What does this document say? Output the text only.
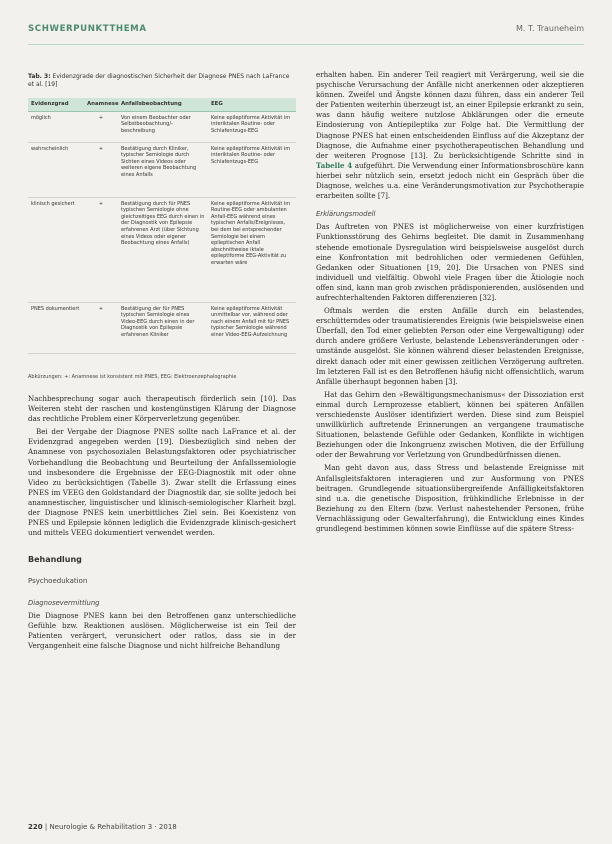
SCHWERPUNKTTHEMA	M. T. Trauneheim
Tab. 3: Evidenzgrade der diagnostischen Sicherheit der Diagnose PNES nach LaFrance et al. [19]
Evidenzgrad	Anamnese	Anfallsbeobachtung	EEG
möglich	+	Von einem Beobachter oder Selbstbeobachtung/-beschreibung	Keine epileptiforme Aktivität im interiktalen Routine- oder Schlafentzugs-EEG
wahrscheinlich	+	Bestätigung durch Kliniker, typischer Semiologie durch Sichten eines Videos oder weiteren eigene Beobachtung eines Anfalls	Keine epileptiforme Aktivität im interiktalen Routine- oder Schlafentzugs-EEG
klinisch gesichert	+	Bestätigung durch für PNES typischen Semiologie ohne gleichzeitiges EEG durch einen in der Diagnostik von Epilepsie erfahrenen Arzt (über Sichtung eines Videos oder eigener Beobachtung eines Anfalls)	Keine epileptiforme Aktivität im Routine-EEG oder ambulanten Anfall-EEG während eines typischen Anfalls/Ereignisses, bei dem bei entsprechender Semiologie bei einem epileptischen Anfall abschnittweise iktale epileptiforme EEG-Aktivität zu erwarten wäre
PNES dokumentiert	+	Bestätigung der für PNES typischen Semiologie eines Video-EEG durch einen in der Diagnostik von Epilepsie erfahrenen Kliniker	Keine epileptiforme Aktivität unmittelbar vor, während oder nach einem Anfall mit für PNES typischer Semiologie während einer Video-EEG-Aufzeichnung
Abkürzungen: +: Anamnese ist konsistent mit PNES, EEG: Elektroenzephalographie

Nachbesprechung sogar auch therapeutisch förderlich sein [10]. Das Weiteren steht der raschen und kostengünstigen Klärung der Diagnose das rechtliche Problem einer Körperverletzung gegenüber.

Bei der Vergabe der Diagnose PNES sollte nach LaFrance et al. der Evidenzgrad angegeben werden [19]. Diesbezüglich sind neben der Anamnese von psychosozialen Belastungsfaktoren oder psychiatrischer Vorbehandlung die Beobachtung und Beurteilung der Anfallssemiologie und insbesondere die Ergebnisse der EEG-Diagnostik mit oder ohne Video zu berücksichtigen (Tabelle 3). Zwar stellt die Erfassung eines PNES im VEEG den Goldstandard der Diagnostik dar, sie sollte jedoch bei anamnestischer, linguistischer und klinisch-semiologischer Klarheit bzgl. der Diagnose PNES kein unerbittliches Ziel sein. Bei Koexistenz von PNES und Epilepsie können lediglich die Evidenzgrade klinisch-gesichert und mittels VEEG dokumentiert verwendet werden.

Behandlung

Psychoedukation

Diagnosevermittlung

Die Diagnose PNES kann bei den Betroffenen ganz unterschiedliche Gefühle bzw. Reaktionen auslösen. Möglicherweise ist ein Teil der Patienten verärgert, verunsichert oder ratlos, dass sie in der Vergangenheit eine falsche Diagnose und nicht hilfreiche Behandlung

erhalten haben. Ein anderer Teil reagiert mit Verärgerung, weil sie die psychische Verursachung der Anfälle nicht anerkennen oder akzeptieren können. Zweifel und Ängste können dazu führen, dass ein anderer Teil der Patienten weiterhin überzeugt ist, an einer Epilepsie erkrankt zu sein, was dann häufig weitere nutzlose Abklärungen oder die erneute Eindosierung von Antiepileptika zur Folge hat. Die Vermittlung der Diagnose PNES hat einen entscheidenden Einfluss auf die Akzeptanz der Diagnose, die Aufnahme einer psychotherapeutischen Behandlung und der weiteren Prognose [13]. Zu berücksichtigende Schritte sind in Tabelle 4 aufgeführt. Die Verwendung einer Informationsbroschüre kann hierbei sehr nützlich sein, ersetzt jedoch nicht ein Gespräch über die Diagnose, welches u.a. eine Veränderungsmotivation zur Psychotherapie erarbeiten sollte [7].

Erklärungsmodell

Das Auftreten von PNES ist möglicherweise von einer kurzfristigen Funktionsstörung des Gehirns begleitet. Die damit in Zusammenhang stehende emotionale Dysregulation wird beispielsweise ausgelöst durch eine Konfrontation mit bedrohlichen oder vermiedenen Gefühlen, Gedanken oder Situationen [19, 20]. Die Ursachen von PNES sind individuell und vielfältig. Obwohl viele Fragen über die Ätiologie noch offen sind, kann man grob zwischen prädisponierenden, auslösenden und aufrechterhaltenden Faktoren differenzieren [32].

Oftmals werden die ersten Anfälle durch ein belastendes, erschütterndes oder traumatisierendes Ereignis (wie beispielsweise einen Überfall, den Tod einer geliebten Person oder eine Vergewaltigung) oder durch andere größere Verluste, belastende Lebensveränderungen oder -umstände ausgelöst. Sie können während dieser belastenden Ereignisse, direkt danach oder mit einer gewissen zeitlichen Verzögerung auftreten. Im letzteren Fall ist es den Betroffenen häufig nicht offensichtlich, warum Anfälle überhaupt begonnen haben [3].

Hat das Gehirn den »Bewältigungsmechanismus« der Dissoziation erst einmal durch Lernprozesse etabliert, können bei späteren Anfällen verschiedenste Auslöser identifiziert werden. Diese sind zum Beispiel unwillkürlich auftretende Erinnerungen an vergangene traumatische Situationen, belastende Gefühle oder Gedanken, Konflikte in wichtigen Beziehungen oder die Inkongruenz zwischen Motiven, die der Erfüllung oder der Bewahrung vor Verletzung von Grundbedürfnissen dienen.

Man geht davon aus, dass Stress und belastende Ereignisse mit Anfallsgleitsfaktoren interagieren und zur Ausformung von PNES beitragen. Grundlegende situationsübergreifende Anfälligkeitsfaktoren sind u.a. die genetische Disposition, frühkindliche Erlebnisse in der Beziehung zu den Eltern (bzw. Verlust nahestehender Personen, frühe Vernachlässigung oder Gewalterfahrung), die Entwicklung eines Kindes grundlegend bestimmen können sowie Einflüsse auf die spätere Stress-

220 | Neurologie & Rehabilitation 3 · 2018
